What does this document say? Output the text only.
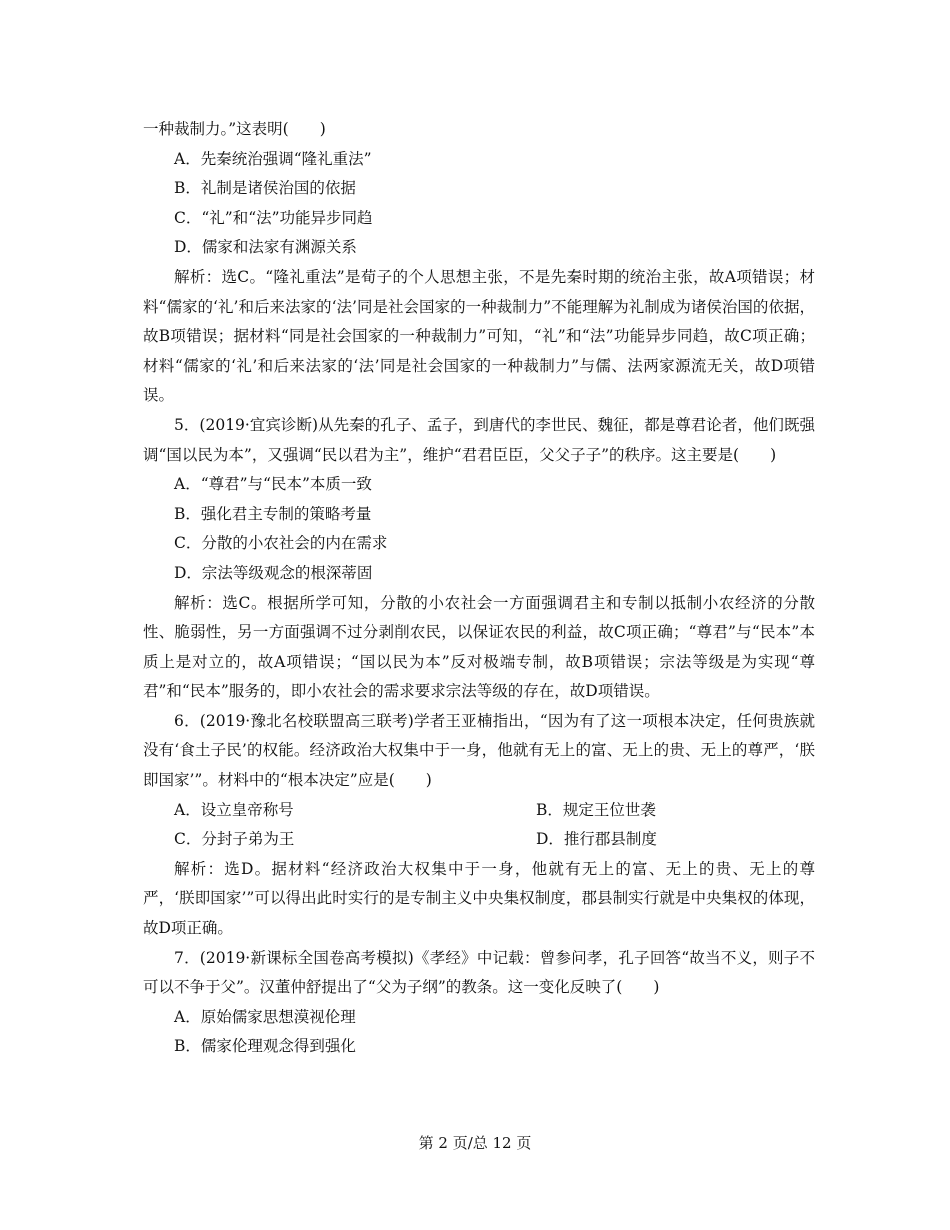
一种裁制力。”这表明(　　)

A．先秦统治强调“隆礼重法”

B．礼制是诸侯治国的依据

C．“礼”和“法”功能异步同趋

D．儒家和法家有渊源关系

解析：选C。“隆礼重法”是荀子的个人思想主张，不是先秦时期的统治主张，故A项错误；材料“儒家的‘礼’和后来法家的‘法’同是社会国家的一种裁制力”不能理解为礼制成为诸侯治国的依据，故B项错误；据材料“同是社会国家的一种裁制力”可知，“礼”和“法”功能异步同趋，故C项正确；材料“儒家的‘礼’和后来法家的‘法’同是社会国家的一种裁制力”与儒、法两家源流无关，故D项错误。

5．(2019·宜宾诊断)从先秦的孔子、孟子，到唐代的李世民、魏征，都是尊君论者，他们既强调“国以民为本”，又强调“民以君为主”，维护“君君臣臣，父父子子”的秩序。这主要是(　　)

A．“尊君”与“民本”本质一致

B．强化君主专制的策略考量

C．分散的小农社会的内在需求

D．宗法等级观念的根深蒂固

解析：选C。根据所学可知，分散的小农社会一方面强调君主和专制以抵制小农经济的分散性、脆弱性，另一方面强调不过分剥削农民，以保证农民的利益，故C项正确；“尊君”与“民本”本质上是对立的，故A项错误；“国以民为本”反对极端专制，故B项错误；宗法等级是为实现“尊君”和“民本”服务的，即小农社会的需求要求宗法等级的存在，故D项错误。

6．(2019·豫北名校联盟高三联考)学者王亚楠指出，“因为有了这一项根本决定，任何贵族就没有‘食土子民’的权能。经济政治大权集中于一身，他就有无上的富、无上的贵、无上的尊严，‘朕即国家’”。材料中的“根本决定”应是(　　)

A．设立皇帝称号	B．规定王位世袭
C．分封子弟为王	D．推行郡县制度

解析：选D。据材料“经济政治大权集中于一身，他就有无上的富、无上的贵、无上的尊严，‘朕即国家’”可以得出此时实行的是专制主义中央集权制度，郡县制实行就是中央集权的体现，故D项正确。

7．(2019·新课标全国卷高考模拟)《孝经》中记载：曾参问孝，孔子回答“故当不义，则子不可以不争于父”。汉董仲舒提出了“父为子纲”的教条。这一变化反映了(　　)

A．原始儒家思想漠视伦理

B．儒家伦理观念得到强化

第 2 页/总 12 页
